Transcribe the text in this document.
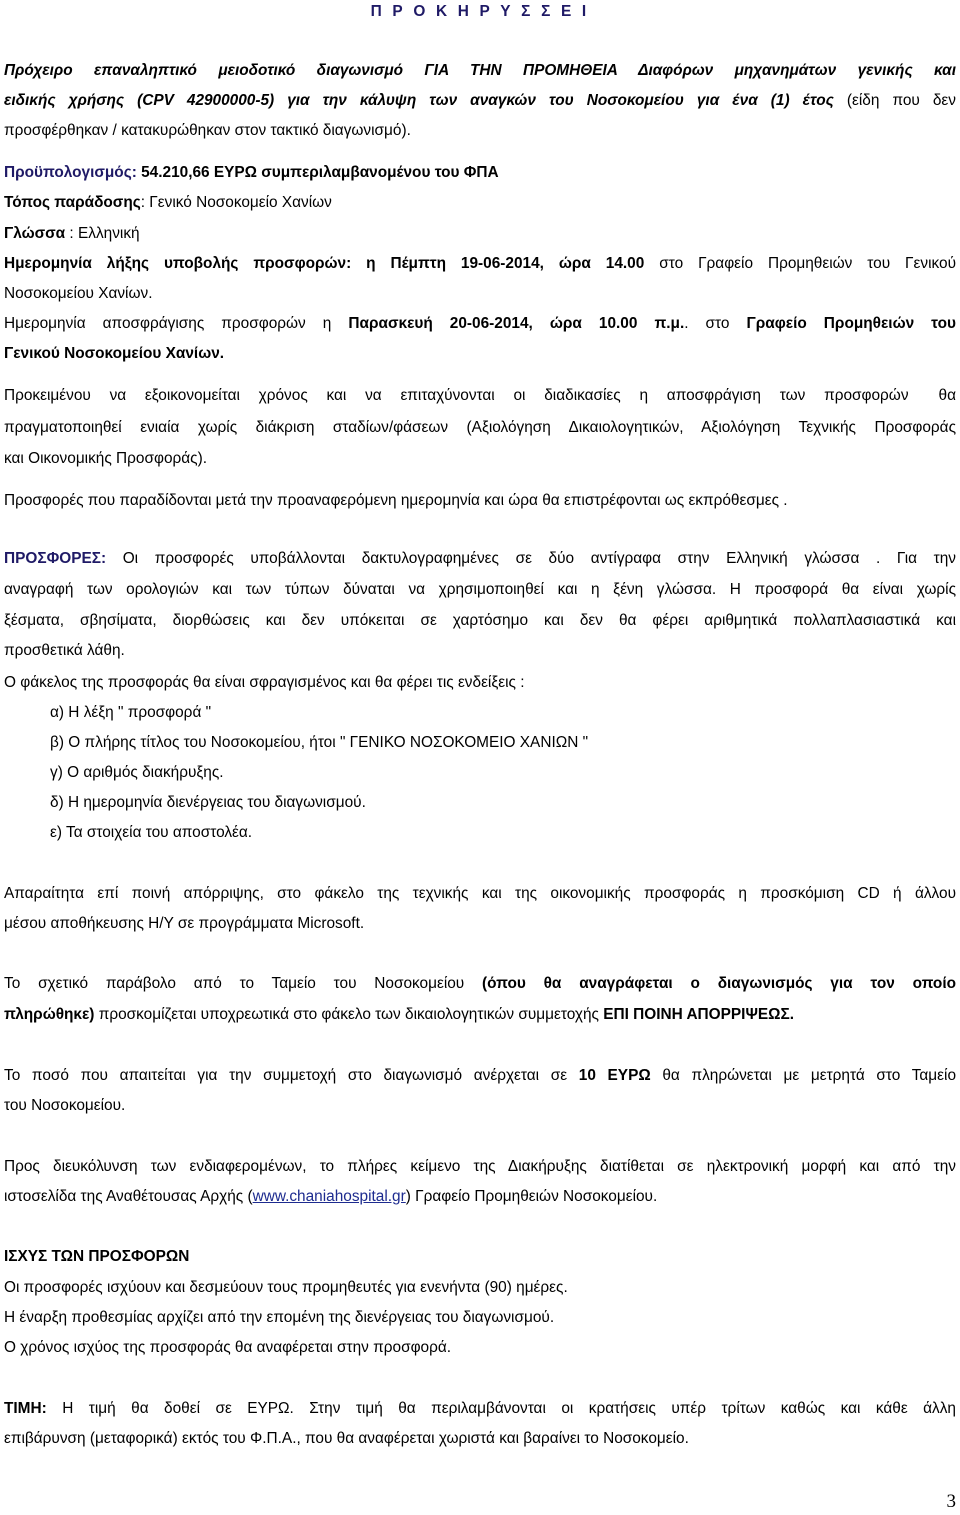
Π Ρ Ο Κ Η Ρ Υ Σ Σ Ε Ι

Πρόχειρο επαναληπτικό μειοδοτικό διαγωνισμό ΓΙΑ ΤΗΝ ΠΡΟΜΗΘΕΙΑ Διαφόρων μηχανημάτων γενικής και

ειδικής χρήσης (CPV 42900000-5) για την κάλυψη των αναγκών του Νοσοκομείου για ένα (1) έτος (είδη που δεν

προσφέρθηκαν / κατακυρώθηκαν στον τακτικό διαγωνισμό).

Προϋπολογισμός: 54.210,66 ΕΥΡΩ συμπεριλαμβανομένου του ΦΠΑ

Τόπος παράδοσης: Γενικό Νοσοκομείο Χανίων

Γλώσσα : Ελληνική

Ημερομηνία λήξης υποβολής προσφορών: η Πέμπτη 19-06-2014, ώρα 14.00 στο Γραφείο Προμηθειών του Γενικού

Νοσοκομείου Χανίων.

Ημερομηνία αποσφράγισης προσφορών η Παρασκευή 20-06-2014, ώρα 10.00 π.μ.. στο Γραφείο Προμηθειών του

Γενικού Νοσοκομείου Χανίων.

Προκειμένου να εξοικονομείται χρόνος και να επιταχύνονται οι διαδικασίες η αποσφράγιση των προσφορών θα

πραγματοποιηθεί ενιαία χωρίς διάκριση σταδίων/φάσεων (Αξιολόγηση Δικαιολογητικών, Αξιολόγηση Τεχνικής Προσφοράς

και Οικονομικής Προσφοράς).

Προσφορές που παραδίδονται μετά την προαναφερόμενη ημερομηνία και ώρα θα επιστρέφονται ως εκπρόθεσμες .

ΠΡΟΣΦΟΡΕΣ: Οι προσφορές υποβάλλονται δακτυλογραφημένες σε δύο αντίγραφα στην Ελληνική γλώσσα . Για την

αναγραφή των ορολογιών και των τύπων δύναται να χρησιμοποιηθεί και η ξένη γλώσσα. Η προσφορά θα είναι χωρίς

ξέσματα, σβησίματα, διορθώσεις και δεν υπόκειται σε χαρτόσημο και δεν θα φέρει αριθμητικά πολλαπλασιαστικά και

προσθετικά λάθη.

Ο φάκελος της προσφοράς θα είναι σφραγισμένος και θα φέρει τις ενδείξεις :

α) Η λέξη " προσφορά "

β) Ο πλήρης τίτλος του Νοσοκομείου, ήτοι " ΓΕΝΙΚΟ ΝΟΣΟΚΟΜΕΙΟ ΧΑΝΙΩΝ "

γ) Ο αριθμός διακήρυξης.

δ) Η ημερομηνία διενέργειας του διαγωνισμού.

ε) Τα στοιχεία του αποστολέα.

Απαραίτητα επί ποινή απόρριψης, στο φάκελο της τεχνικής και της οικονομικής προσφοράς η προσκόμιση CD ή άλλου

μέσου αποθήκευσης Η/Υ σε προγράμματα Microsoft.

Το σχετικό παράβολο από το Ταμείο του Νοσοκομείου (όπου θα αναγράφεται ο διαγωνισμός για τον οποίο

πληρώθηκε) προσκομίζεται υποχρεωτικά στο φάκελο των δικαιολογητικών συμμετοχής ΕΠΙ ΠΟΙΝΗ ΑΠΟΡΡΙΨΕΩΣ.

Το ποσό που απαιτείται για την συμμετοχή στο διαγωνισμό ανέρχεται σε 10 ΕΥΡΩ θα πληρώνεται με μετρητά στο Ταμείο

του Νοσοκομείου.

Προς διευκόλυνση των ενδιαφερομένων, το πλήρες κείμενο της Διακήρυξης διατίθεται σε ηλεκτρονική μορφή και από την

ιστοσελίδα της Αναθέτουσας Αρχής (www.chaniahospital.gr) Γραφείο Προμηθειών Νοσοκομείου.

ΙΣΧΥΣ ΤΩΝ ΠΡΟΣΦΟΡΩΝ

Οι προσφορές ισχύουν και δεσμεύουν τους προμηθευτές για ενενήντα (90) ημέρες.

Η έναρξη προθεσμίας αρχίζει από την επομένη της διενέργειας του διαγωνισμού.

Ο χρόνος ισχύος της προσφοράς θα αναφέρεται στην προσφορά.

ΤΙΜΗ: Η τιμή θα δοθεί σε ΕΥΡΩ. Στην τιμή θα περιλαμβάνονται οι κρατήσεις υπέρ τρίτων καθώς και κάθε άλλη

επιβάρυνση (μεταφορικά) εκτός του Φ.Π.Α., που θα αναφέρεται χωριστά και βαραίνει το Νοσοκομείο.

3
